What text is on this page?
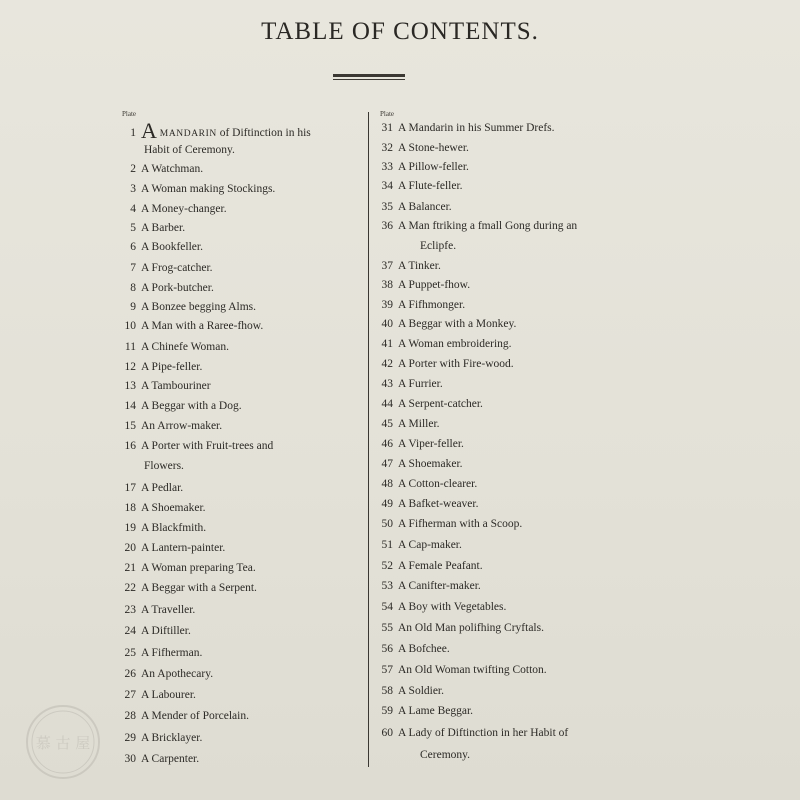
TABLE OF CONTENTS.
Plate	Plate
1 A MANDARIN of Diftinction in his
Habit of Ceremony.
2 A Watchman.
3 A Woman making Stockings.
4 A Money-changer.
5 A Barber.
6 A Bookfeller.
7 A Frog-catcher.
8 A Pork-butcher.
9 A Bonzee begging Alms.
10 A Man with a Raree-fhow.
11 A Chinefe Woman.
12 A Pipe-feller.
13 A Tambouriner
14 A Beggar with a Dog.
15 An Arrow-maker.
16 A Porter with Fruit-trees and
Flowers.
17 A Pedlar.
18 A Shoemaker.
19 A Blackfmith.
20 A Lantern-painter.
21 A Woman preparing Tea.
22 A Beggar with a Serpent.
23 A Traveller.
24 A Diftiller.
25 A Fifherman.
26 An Apothecary.
27 A Labourer.
28 A Mender of Porcelain.
29 A Bricklayer.
30 A Carpenter.
31 A Mandarin in his Summer Drefs.
32 A Stone-hewer.
33 A Pillow-feller.
34 A Flute-feller.
35 A Balancer.
36 A Man ftriking a fmall Gong during an
Eclipfe.
37 A Tinker.
38 A Puppet-fhow.
39 A Fifhmonger.
40 A Beggar with a Monkey.
41 A Woman embroidering.
42 A Porter with Fire-wood.
43 A Furrier.
44 A Serpent-catcher.
45 A Miller.
46 A Viper-feller.
47 A Shoemaker.
48 A Cotton-clearer.
49 A Bafket-weaver.
50 A Fifherman with a Scoop.
51 A Cap-maker.
52 A Female Peafant.
53 A Canifter-maker.
54 A Boy with Vegetables.
55 An Old Man polifhing Cryftals.
56 A Bofchee.
57 An Old Woman twifting Cotton.
58 A Soldier.
59 A Lame Beggar.
60 A Lady of Diftinction in her Habit of
Ceremony.
慕 古 屋
